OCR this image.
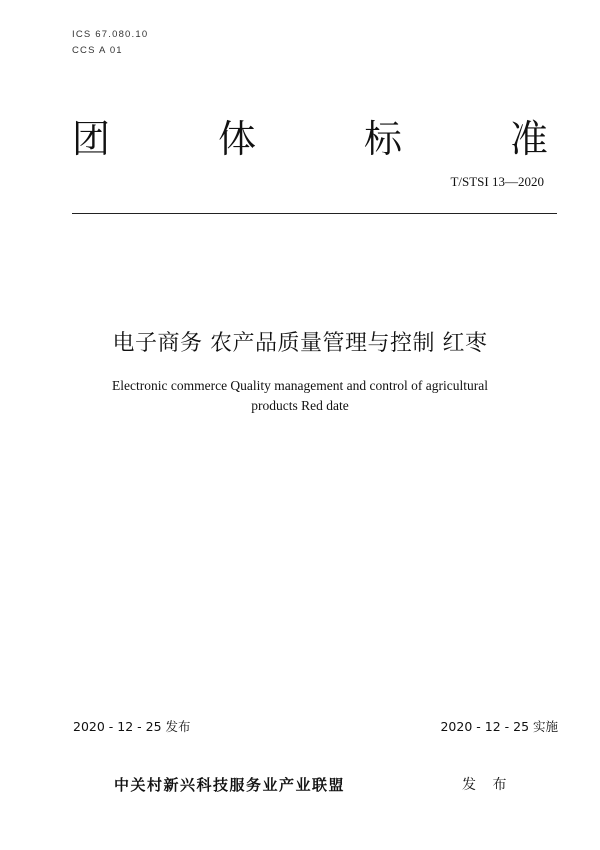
ICS 67.080.10
CCS A 01
团	体	标	准
T/STSI 13—2020
电子商务 农产品质量管理与控制 红枣
Electronic commerce Quality management and control of agricultural
products Red date
2020 - 12 - 25 发布	2020 - 12 - 25 实施
中关村新兴科技服务业产业联盟	发 布
